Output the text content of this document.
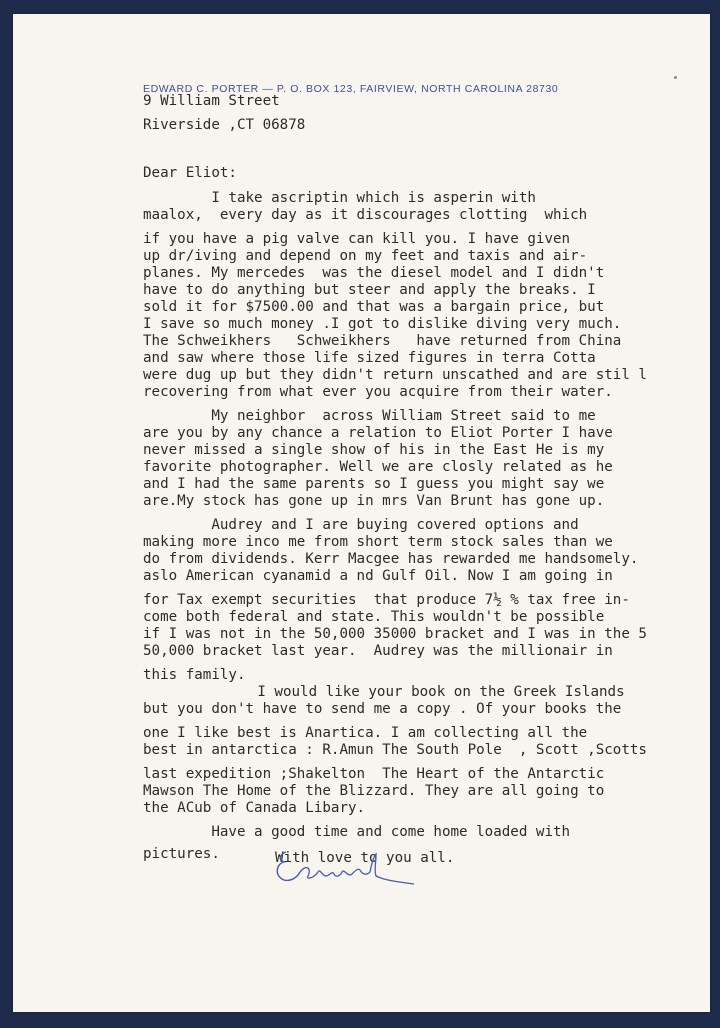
EDWARD C. PORTER — P. O. BOX 123, FAIRVIEW, NORTH CAROLINA 28730
9 William Street
Riverside ,CT 06878
Dear Eliot:
I take ascriptin which is asperin with
maalox,  every day as it discourages clotting  which
if you have a pig valve can kill you. I have given
up dr/iving and depend on my feet and taxis and air-
planes. My mercedes  was the diesel model and I didn't
have to do anything but steer and apply the breaks. I
sold it for $7500.00 and that was a bargain price, but
I save so much money .I got to dislike diving very much.
The Schweikhers   Schweikhers   have returned from China
and saw where those life sized figures in terra Cotta
were dug up but they didn't return unscathed and are stil l
recovering from what ever you acquire from their water.
My neighbor  across William Street said to me
are you by any chance a relation to Eliot Porter I have
never missed a single show of his in the East He is my
favorite photographer. Well we are closly related as he
and I had the same parents so I guess you might say we
are.My stock has gone up in mrs Van Brunt has gone up.
Audrey and I are buying covered options and
making more inco me from short term stock sales than we
do from dividends. Kerr Macgee has rewarded me handsomely.
aslo American cyanamid a nd Gulf Oil. Now I am going in
for Tax exempt securities  that produce 7½ % tax free in-
come both federal and state. This wouldn't be possible
if I was not in the 50,000 35000 bracket and I was in the 5
50,000 bracket last year.  Audrey was the millionair in
this family.
I would like your book on the Greek Islands
but you don't have to send me a copy . Of your books the
one I like best is Anartica. I am collecting all the
best in antarctica : R.Amun The South Pole  , Scott ,Scotts
last expedition ;Shakelton  The Heart of the Antarctic
Mawson The Home of the Blizzard. They are all going to
the ACub of Canada Libary.
Have a good time and come home loaded with
pictures.	With love to you all.
